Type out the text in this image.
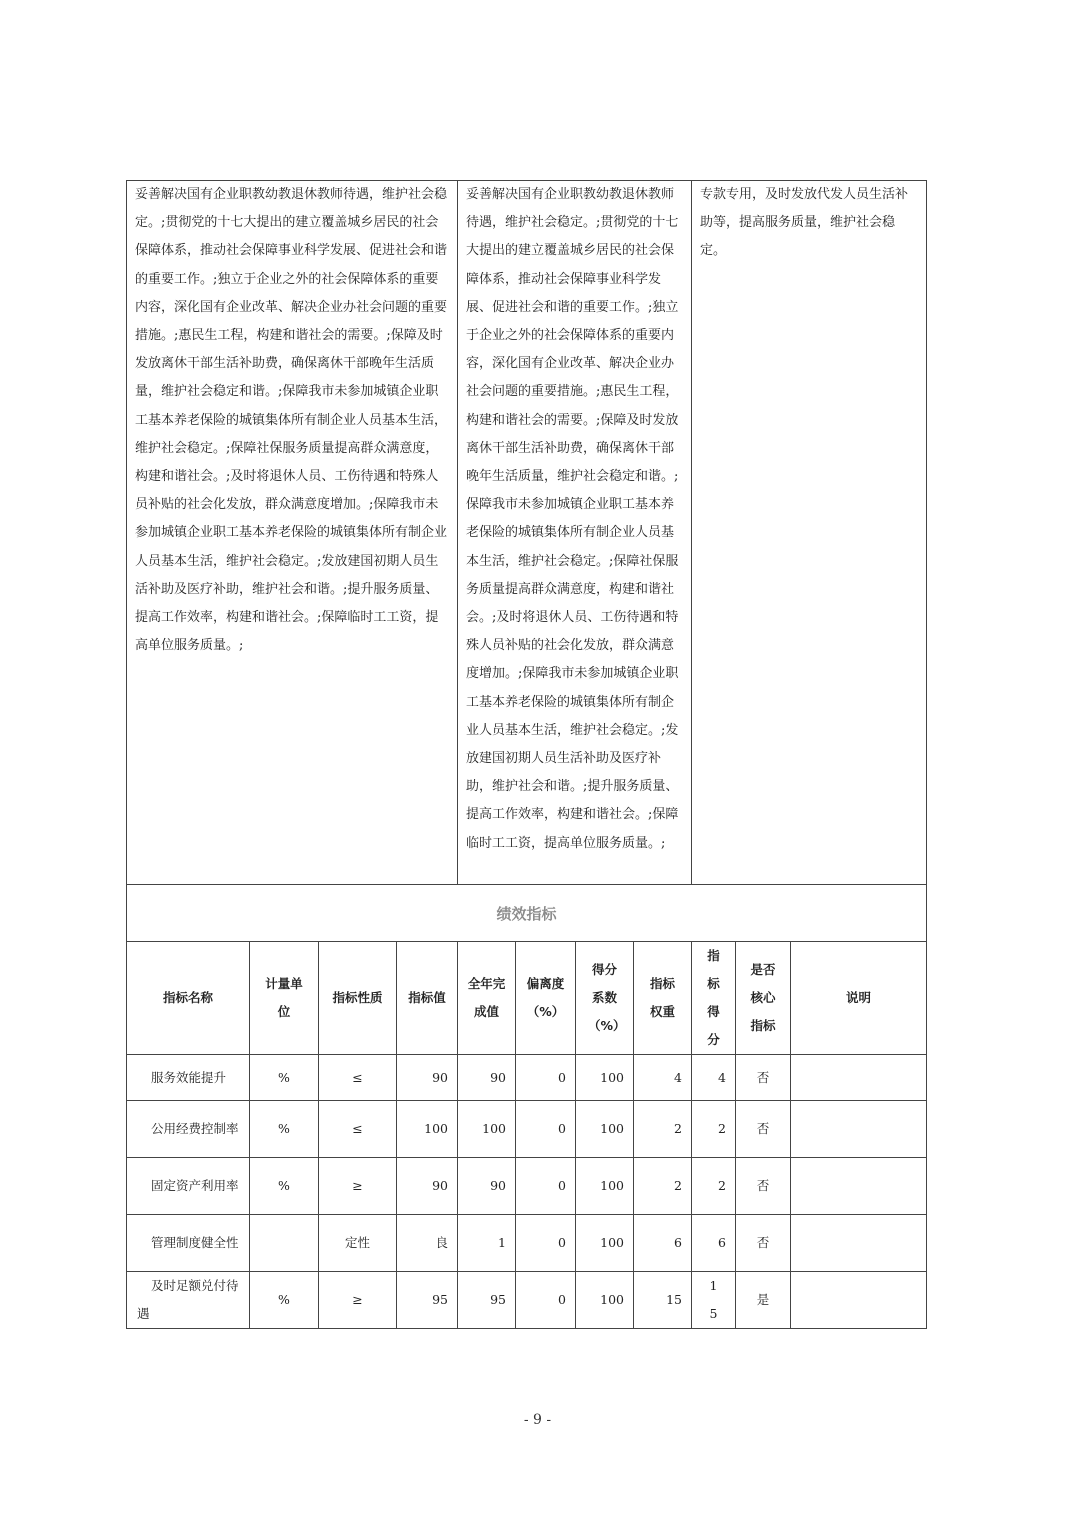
妥善解决国有企业职教幼教退休教师待遇，维护社会稳定。;贯彻党的十七大提出的建立覆盖城乡居民的社会保障体系，推动社会保障事业科学发展、促进社会和谐的重要工作。;独立于企业之外的社会保障体系的重要内容，深化国有企业改革、解决企业办社会问题的重要措施。;惠民生工程，构建和谐社会的需要。;保障及时发放离休干部生活补助费，确保离休干部晚年生活质量，维护社会稳定和谐。;保障我市未参加城镇企业职工基本养老保险的城镇集体所有制企业人员基本生活，维护社会稳定。;保障社保服务质量提高群众满意度，构建和谐社会。;及时将退休人员、工伤待遇和特殊人员补贴的社会化发放，群众满意度增加。;保障我市未参加城镇企业职工基本养老保险的城镇集体所有制企业人员基本生活，维护社会稳定。;发放建国初期人员生活补助及医疗补助，维护社会和谐。;提升服务质量、提高工作效率，构建和谐社会。;保障临时工工资，提高单位服务质量。;	妥善解决国有企业职教幼教退休教师待遇，维护社会稳定。;贯彻党的十七大提出的建立覆盖城乡居民的社会保障体系，推动社会保障事业科学发展、促进社会和谐的重要工作。;独立于企业之外的社会保障体系的重要内容，深化国有企业改革、解决企业办社会问题的重要措施。;惠民生工程，构建和谐社会的需要。;保障及时发放离休干部生活补助费，确保离休干部晚年生活质量，维护社会稳定和谐。;保障我市未参加城镇企业职工基本养老保险的城镇集体所有制企业人员基本生活，维护社会稳定。;保障社保服务质量提高群众满意度，构建和谐社会。;及时将退休人员、工伤待遇和特殊人员补贴的社会化发放，群众满意度增加。;保障我市未参加城镇企业职工基本养老保险的城镇集体所有制企业人员基本生活，维护社会稳定。;发放建国初期人员生活补助及医疗补助，维护社会和谐。;提升服务质量、提高工作效率，构建和谐社会。;保障临时工工资，提高单位服务质量。;	专款专用，及时发放代发人员生活补助等，提高服务质量，维护社会稳定。
绩效指标										
指标名称	计量单位	指标性质	指标值	全年完成值	偏离度（%）	得分系数（%）	指标权重	指标得分	是否核心指标	说明
服务效能提升	%	≤	90	90	0	100	4	4	否	
公用经费控制率	%	≤	100	100	0	100	2	2	否	
固定资产利用率	%	≥	90	90	0	100	2	2	否	
管理制度健全性		定性	良	1	0	100	6	6	否	
及时足额兑付待遇	%	≥	95	95	0	100	15	15	是	
- 9 -
